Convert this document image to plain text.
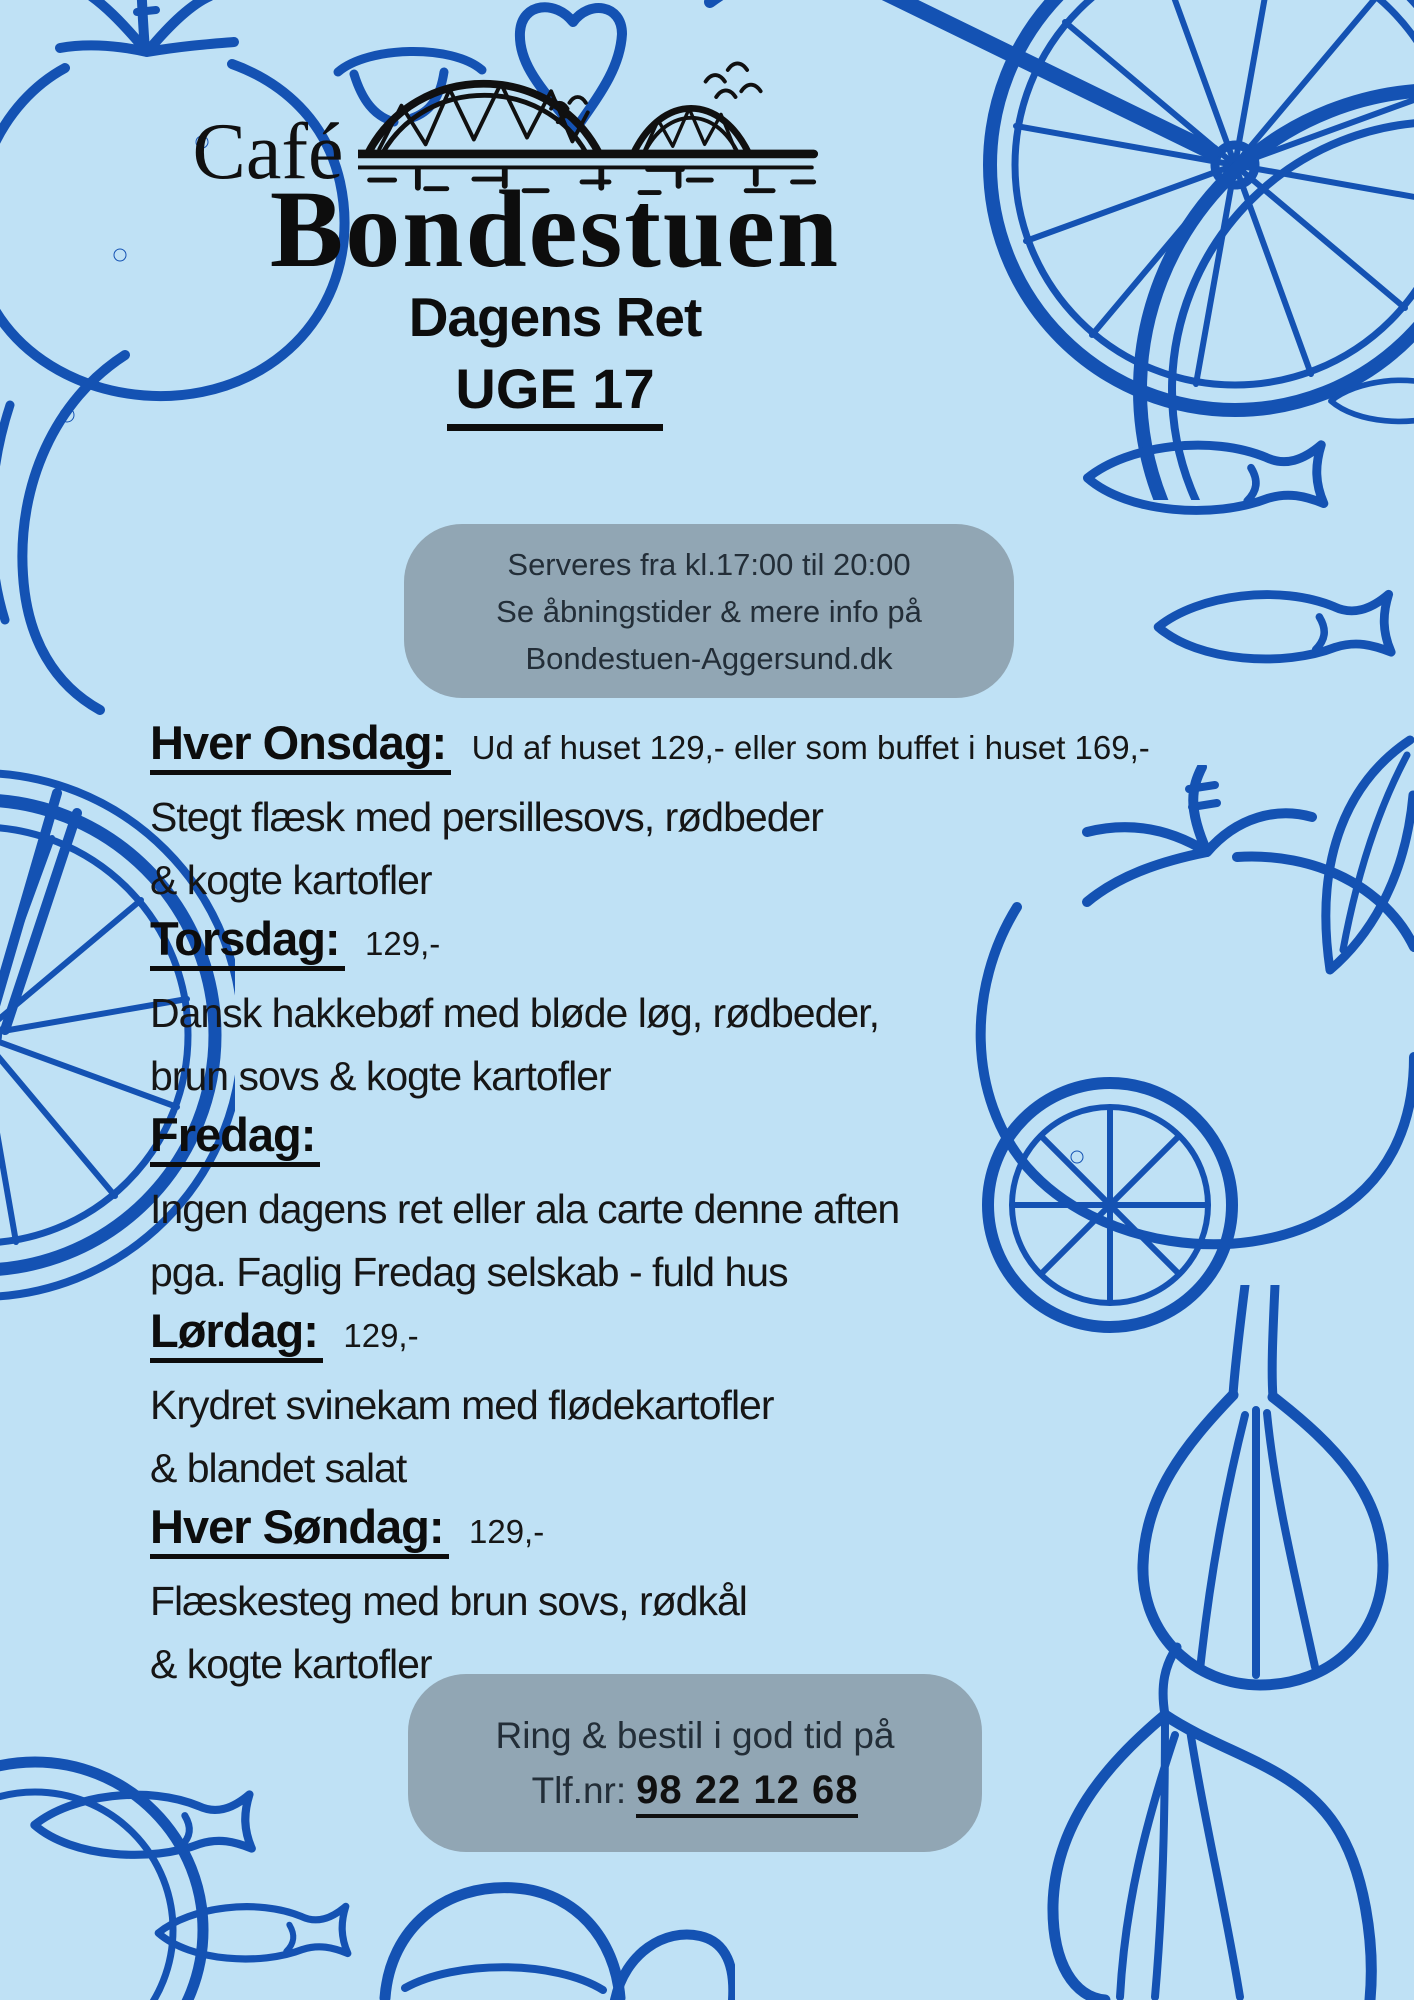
Café
Bondestuen
Dagens Ret
UGE 17
Serveres fra kl.17:00 til 20:00
Se åbningstider & mere info på
Bondestuen-Aggersund.dk
Hver Onsdag: Ud af huset 129,- eller som buffet i huset 169,-
Stegt flæsk med persillesovs, rødbeder
& kogte kartofler
Torsdag: 129,-
Dansk hakkebøf med bløde løg, rødbeder,
brun sovs & kogte kartofler
Fredag:
Ingen dagens ret eller ala carte denne aften
pga. Faglig Fredag selskab - fuld hus
Lørdag: 129,-
Krydret svinekam med flødekartofler
& blandet salat
Hver Søndag: 129,-
Flæskesteg med brun sovs, rødkål
& kogte kartofler
Ring & bestil i god tid på
Tlf.nr: 98 22 12 68
